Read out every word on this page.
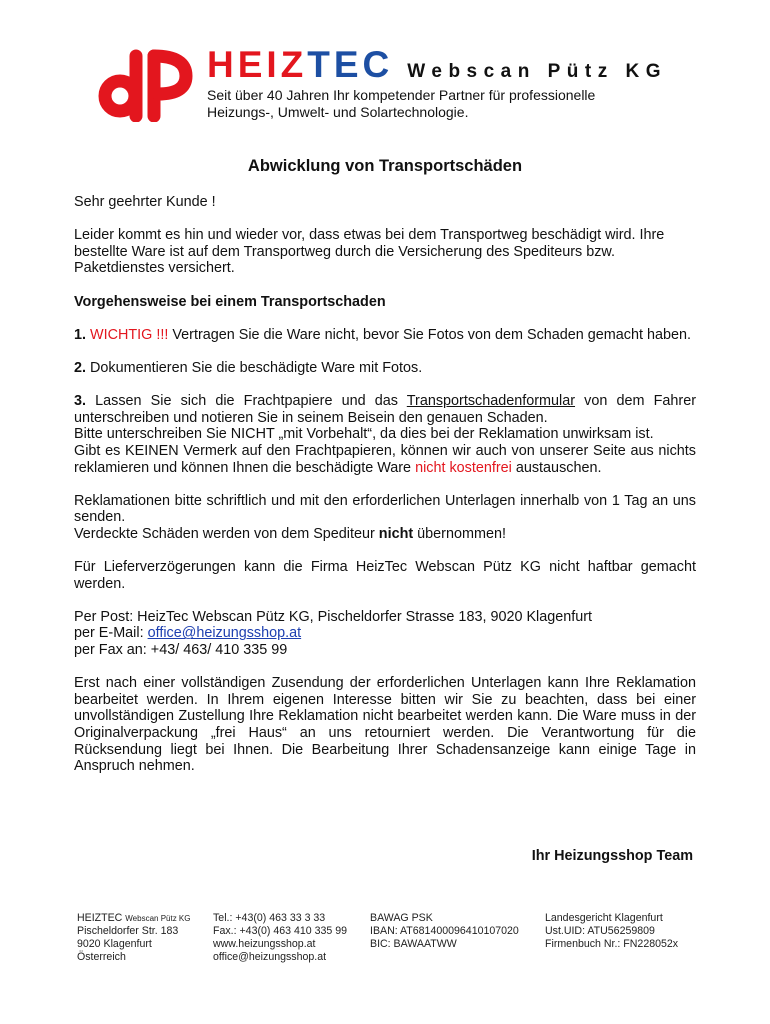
HEIZTEC Webscan Pütz KG
Seit über 40 Jahren Ihr kompetender Partner für professionelle
Heizungs-, Umwelt- und Solartechnologie.
Abwicklung von Transportschäden

Sehr geehrter Kunde !

Leider kommt es hin und wieder vor, dass etwas bei dem Transportweg beschädigt wird. Ihre bestellte Ware ist auf dem Transportweg durch die Versicherung des Spediteurs bzw. Paketdienstes versichert.

Vorgehensweise bei einem Transportschaden

1. WICHTIG !!! Vertragen Sie die Ware nicht, bevor Sie Fotos von dem Schaden gemacht haben.

2. Dokumentieren Sie die beschädigte Ware mit Fotos.

3. Lassen Sie sich die Frachtpapiere und das Transportschadenformular von dem Fahrer unterschreiben und notieren Sie in seinem Beisein den genauen Schaden.
Bitte unterschreiben Sie NICHT „mit Vorbehalt“, da dies bei der Reklamation unwirksam ist.
Gibt es KEINEN Vermerk auf den Frachtpapieren, können wir auch von unserer Seite aus nichts reklamieren und können Ihnen die beschädigte Ware nicht kostenfrei austauschen.

Reklamationen bitte schriftlich und mit den erforderlichen Unterlagen innerhalb von 1 Tag an uns senden.
Verdeckte Schäden werden von dem Spediteur nicht übernommen!

Für Lieferverzögerungen kann die Firma HeizTec Webscan Pütz KG nicht haftbar gemacht werden.

Per Post: HeizTec Webscan Pütz KG, Pischeldorfer Strasse 183, 9020 Klagenfurt
per E-Mail: office@heizungsshop.at
per Fax an: +43/ 463/ 410 335 99

Erst nach einer vollständigen Zusendung der erforderlichen Unterlagen kann Ihre Reklamation bearbeitet werden. In Ihrem eigenen Interesse bitten wir Sie zu beachten, dass bei einer unvollständigen Zustellung Ihre Reklamation nicht bearbeitet werden kann. Die Ware muss in der Originalverpackung „frei Haus“ an uns retourniert werden. Die Verantwortung für die Rücksendung liegt bei Ihnen. Die Bearbeitung Ihrer Schadensanzeige kann einige Tage in Anspruch nehmen.

Ihr Heizungsshop Team
HEIZTEC Webscan Pütz KG
Pischeldorfer Str. 183
9020 Klagenfurt
Österreich
Tel.: +43(0) 463 33 3 33
Fax.: +43(0) 463 410 335 99
www.heizungsshop.at
office@heizungsshop.at
BAWAG PSK
IBAN: AT681400096410107020
BIC: BAWAATWW
Landesgericht Klagenfurt
Ust.UID: ATU56259809
Firmenbuch Nr.: FN228052x
